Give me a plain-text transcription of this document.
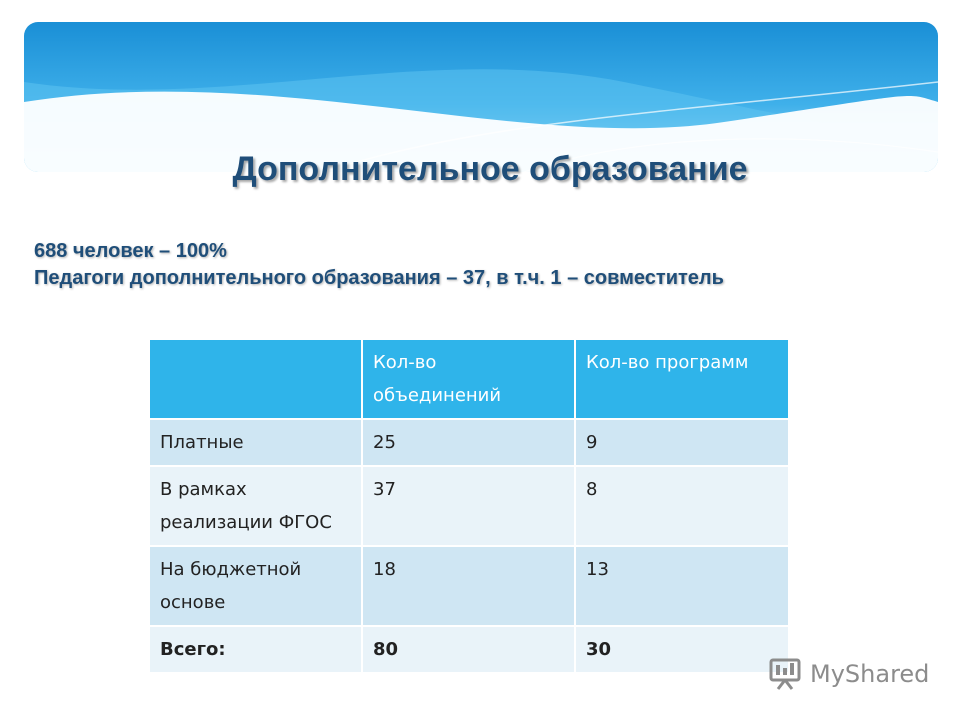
Дополнительное образование
688 человек – 100%
Педагоги дополнительного образования – 37, в т.ч. 1 – совместитель
	Кол-во объединений	Кол-во программ
Платные	25	9
В рамках реализации ФГОС	37	8
На бюджетной основе	18	13
Всего:	80	30
MyShared
